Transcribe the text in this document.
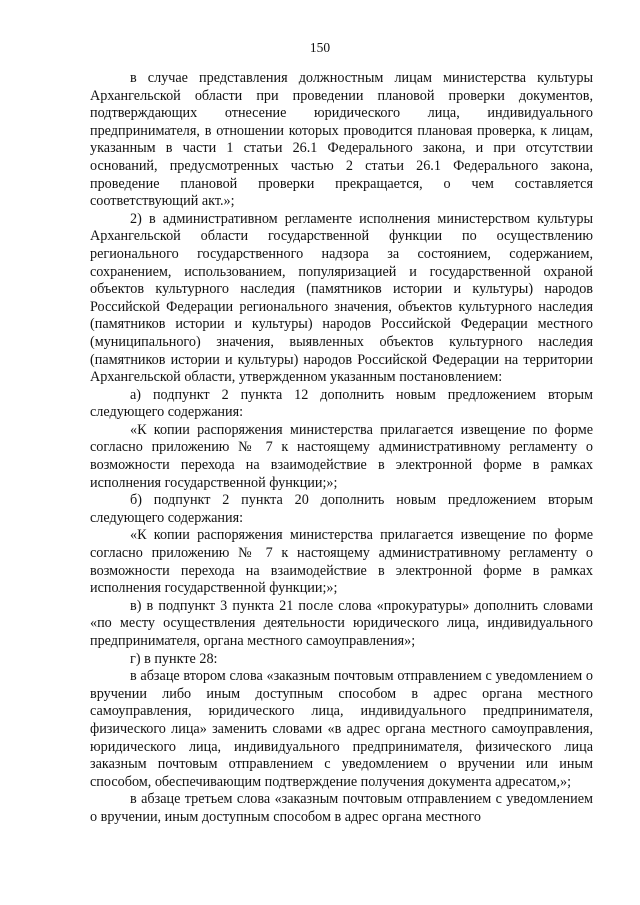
150

в случае представления должностным лицам министерства культуры Архангельской области при проведении плановой проверки документов, подтверждающих отнесение юридического лица, индивидуального предпринимателя, в отношении которых проводится плановая проверка, к лицам, указанным в части 1 статьи 26.1 Федерального закона, и при отсутствии оснований, предусмотренных частью 2 статьи 26.1 Федерального закона, проведение плановой проверки прекращается, о чем составляется соответствующий акт.»;

2) в административном регламенте исполнения министерством культуры Архангельской области государственной функции по осуществлению регионального государственного надзора за состоянием, содержанием, сохранением, использованием, популяризацией и государственной охраной объектов культурного наследия (памятников истории и культуры) народов Российской Федерации регионального значения, объектов культурного наследия (памятников истории и культуры) народов Российской Федерации местного (муниципального) значения, выявленных объектов культурного наследия (памятников истории и культуры) народов Российской Федерации на территории Архангельской области, утвержденном указанным постановлением:

а) подпункт 2 пункта 12 дополнить новым предложением вторым следующего содержания:

«К копии распоряжения министерства прилагается извещение по форме согласно приложению № 7 к настоящему административному регламенту о возможности перехода на взаимодействие в электронной форме в рамках исполнения государственной функции;»;

б) подпункт 2 пункта 20 дополнить новым предложением вторым следующего содержания:

«К копии распоряжения министерства прилагается извещение по форме согласно приложению № 7 к настоящему административному регламенту о возможности перехода на взаимодействие в электронной форме в рамках исполнения государственной функции;»;

в) в подпункт 3 пункта 21 после слова «прокуратуры» дополнить словами «по месту осуществления деятельности юридического лица, индивидуального предпринимателя, органа местного самоуправления»;

г) в пункте 28:

в абзаце втором слова «заказным почтовым отправлением с уведомлением о вручении либо иным доступным способом в адрес органа местного самоуправления, юридического лица, индивидуального предпринимателя, физического лица» заменить словами «в адрес органа местного самоуправления, юридического лица, индивидуального предпринимателя, физического лица заказным почтовым отправлением с уведомлением о вручении или иным способом, обеспечивающим подтверждение получения документа адресатом,»;

в абзаце третьем слова «заказным почтовым отправлением с уведомлением о вручении, иным доступным способом в адрес органа местного
